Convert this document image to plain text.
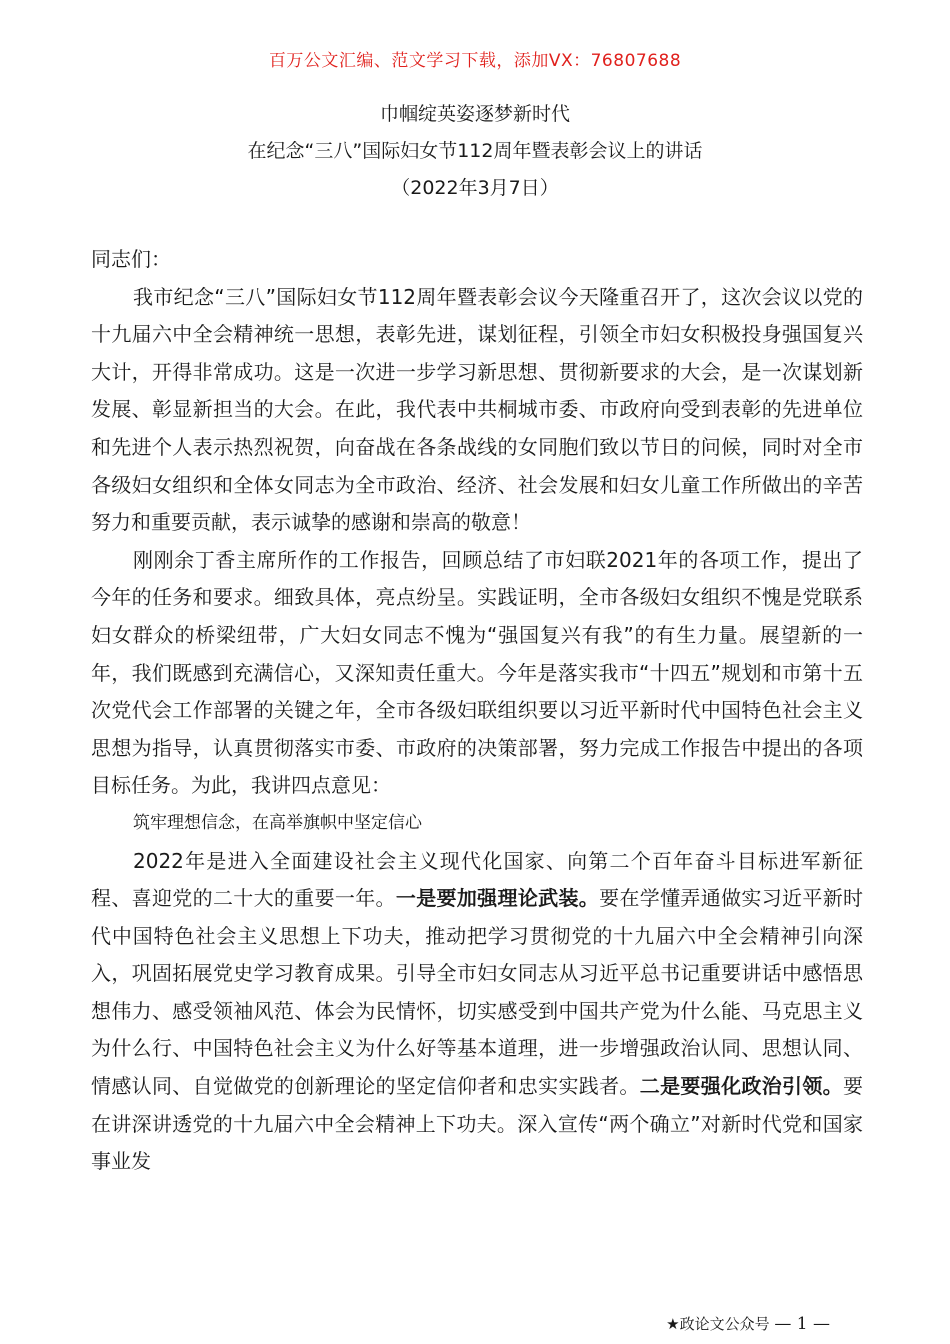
百万公文汇编、范文学习下载，添加VX：76807688
巾帼绽英姿逐梦新时代
在纪念“三八”国际妇女节112周年暨表彰会议上的讲话
（2022年3月7日）

同志们：

我市纪念“三八”国际妇女节112周年暨表彰会议今天隆重召开了，这次会议以党的十九届六中全会精神统一思想，表彰先进，谋划征程，引领全市妇女积极投身强国复兴大计，开得非常成功。这是一次进一步学习新思想、贯彻新要求的大会，是一次谋划新发展、彰显新担当的大会。在此，我代表中共桐城市委、市政府向受到表彰的先进单位和先进个人表示热烈祝贺，向奋战在各条战线的女同胞们致以节日的问候，同时对全市各级妇女组织和全体女同志为全市政治、经济、社会发展和妇女儿童工作所做出的辛苦努力和重要贡献，表示诚挚的感谢和崇高的敬意！

刚刚余丁香主席所作的工作报告，回顾总结了市妇联2021年的各项工作，提出了今年的任务和要求。细致具体，亮点纷呈。实践证明，全市各级妇女组织不愧是党联系妇女群众的桥梁纽带，广大妇女同志不愧为“强国复兴有我”的有生力量。展望新的一年，我们既感到充满信心，又深知责任重大。今年是落实我市“十四五”规划和市第十五次党代会工作部署的关键之年，全市各级妇联组织要以习近平新时代中国特色社会主义思想为指导，认真贯彻落实市委、市政府的决策部署，努力完成工作报告中提出的各项目标任务。为此，我讲四点意见：

筑牢理想信念，在高举旗帜中坚定信心

2022年是进入全面建设社会主义现代化国家、向第二个百年奋斗目标进军新征程、喜迎党的二十大的重要一年。一是要加强理论武装。要在学懂弄通做实习近平新时代中国特色社会主义思想上下功夫，推动把学习贯彻党的十九届六中全会精神引向深入，巩固拓展党史学习教育成果。引导全市妇女同志从习近平总书记重要讲话中感悟思想伟力、感受领袖风范、体会为民情怀，切实感受到中国共产党为什么能、马克思主义为什么行、中国特色社会主义为什么好等基本道理，进一步增强政治认同、思想认同、情感认同、自觉做党的创新理论的坚定信仰者和忠实实践者。二是要强化政治引领。要在讲深讲透党的十九届六中全会精神上下功夫。深入宣传“两个确立”对新时代党和国家事业发

★政论文公众号 — 1 —
